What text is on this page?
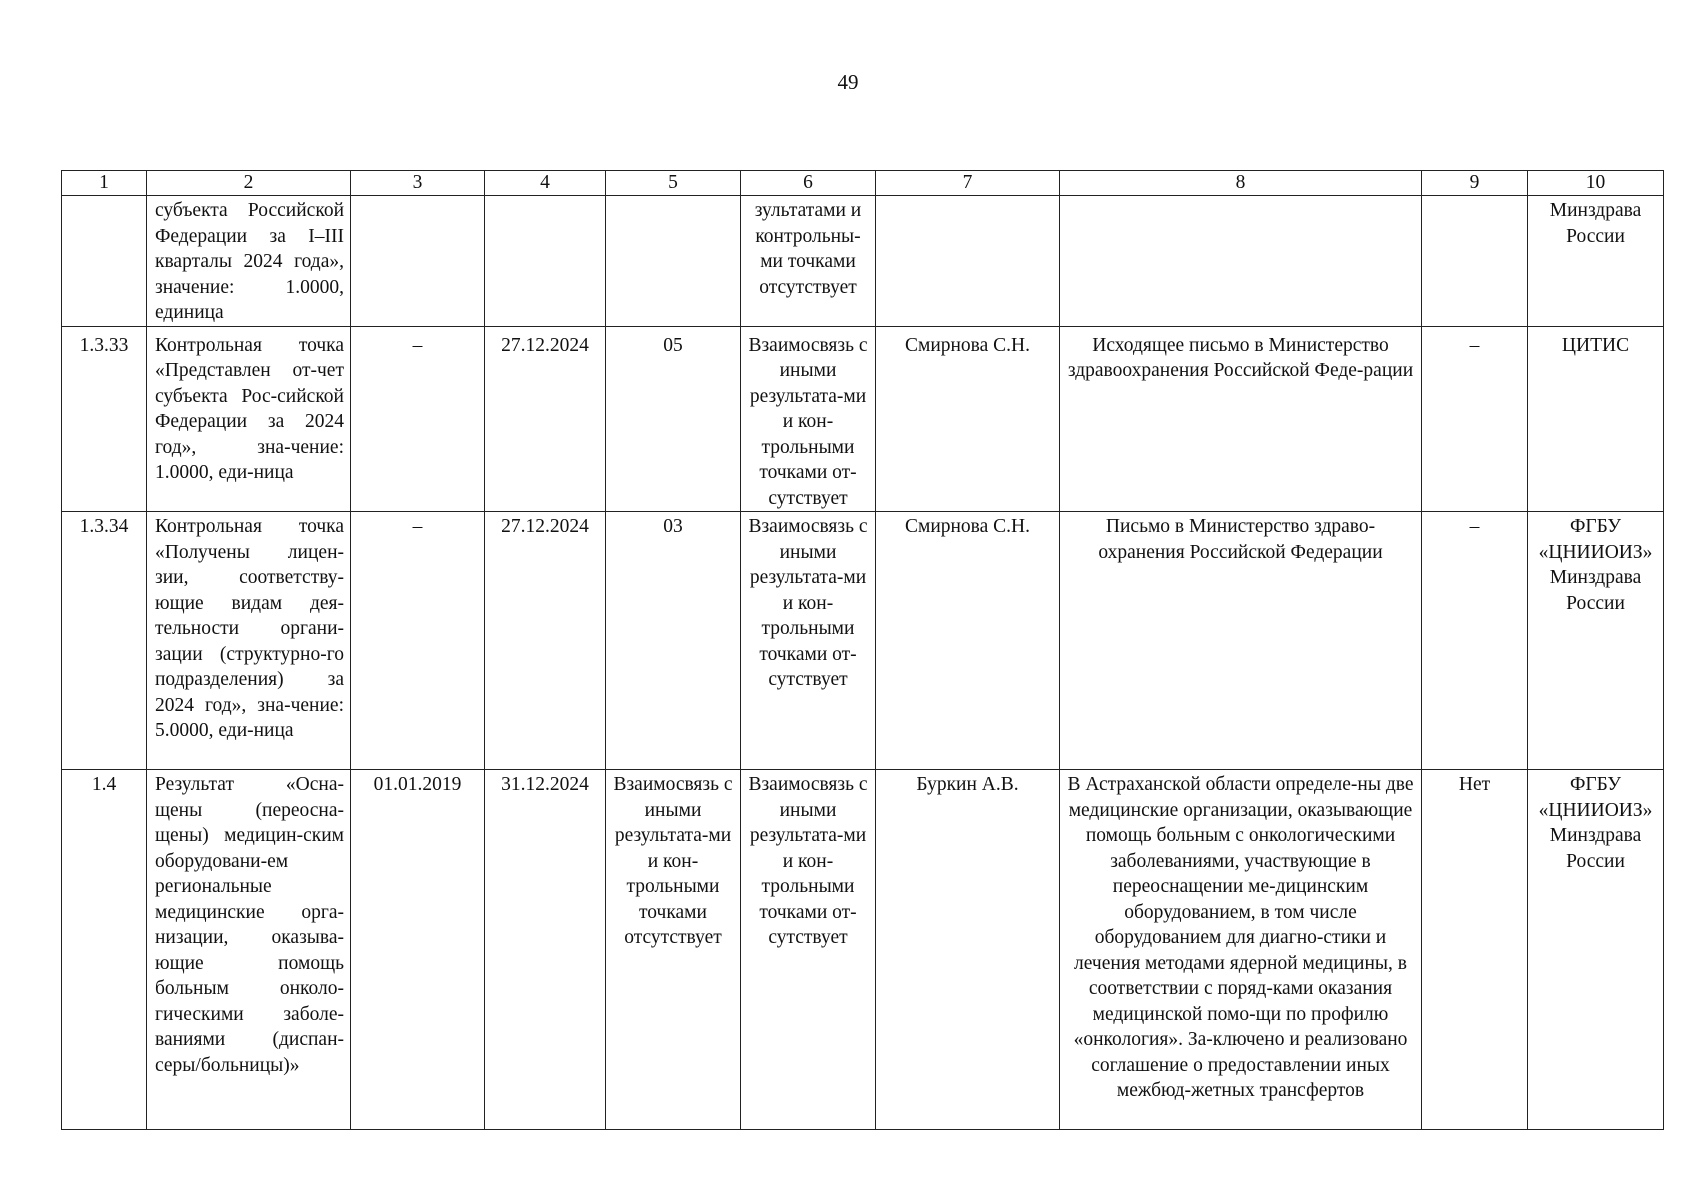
49
1	2	3	4	5	6	7	8	9	10
	субъекта Российской Федерации за I–III кварталы 2024 года», значение: 1.0000, единица				зультатами и контрольны-ми точками отсутствует				Минздрава России
1.3.33	Контрольная точка «Представлен от-чет субъекта Рос-сийской Федерации за 2024 год», зна-чение: 1.0000, еди-ница	–	27.12.2024	05	Взаимосвязь с иными результата-ми и кон-трольными точками от-сутствует	Смирнова С.Н.	Исходящее письмо в Министерство здравоохранения Российской Феде-рации	–	ЦИТИС
1.3.34	Контрольная точка «Получены лицен-зии, соответству-ющие видам дея-тельности органи-зации (структурно-го подразделения) за 2024 год», зна-чение: 5.0000, еди-ница	–	27.12.2024	03	Взаимосвязь с иными результата-ми и кон-трольными точками от-сутствует	Смирнова С.Н.	Письмо в Министерство здраво-охранения Российской Федерации	–	ФГБУ «ЦНИИОИЗ» Минздрава России
1.4	Результат «Осна-щены (переосна-щены) медицин-ским оборудовани-ем региональные медицинские орга-низации, оказыва-ющие помощь больным онколо-гическими заболе-ваниями (диспан-серы/больницы)»	01.01.2019	31.12.2024	Взаимосвязь с иными результата-ми и кон-трольными точками отсутствует	Взаимосвязь с иными результата-ми и кон-трольными точками от-сутствует	Буркин А.В.	В Астраханской области определе-ны две медицинские организации, оказывающие помощь больным с онкологическими заболеваниями, участвующие в переоснащении ме-дицинским оборудованием, в том числе оборудованием для диагно-стики и лечения методами ядерной медицины, в соответствии с поряд-ками оказания медицинской помо-щи по профилю «онкология». За-ключено и реализовано соглашение о предоставлении иных межбюд-жетных трансфертов	Нет	ФГБУ «ЦНИИОИЗ» Минздрава России
